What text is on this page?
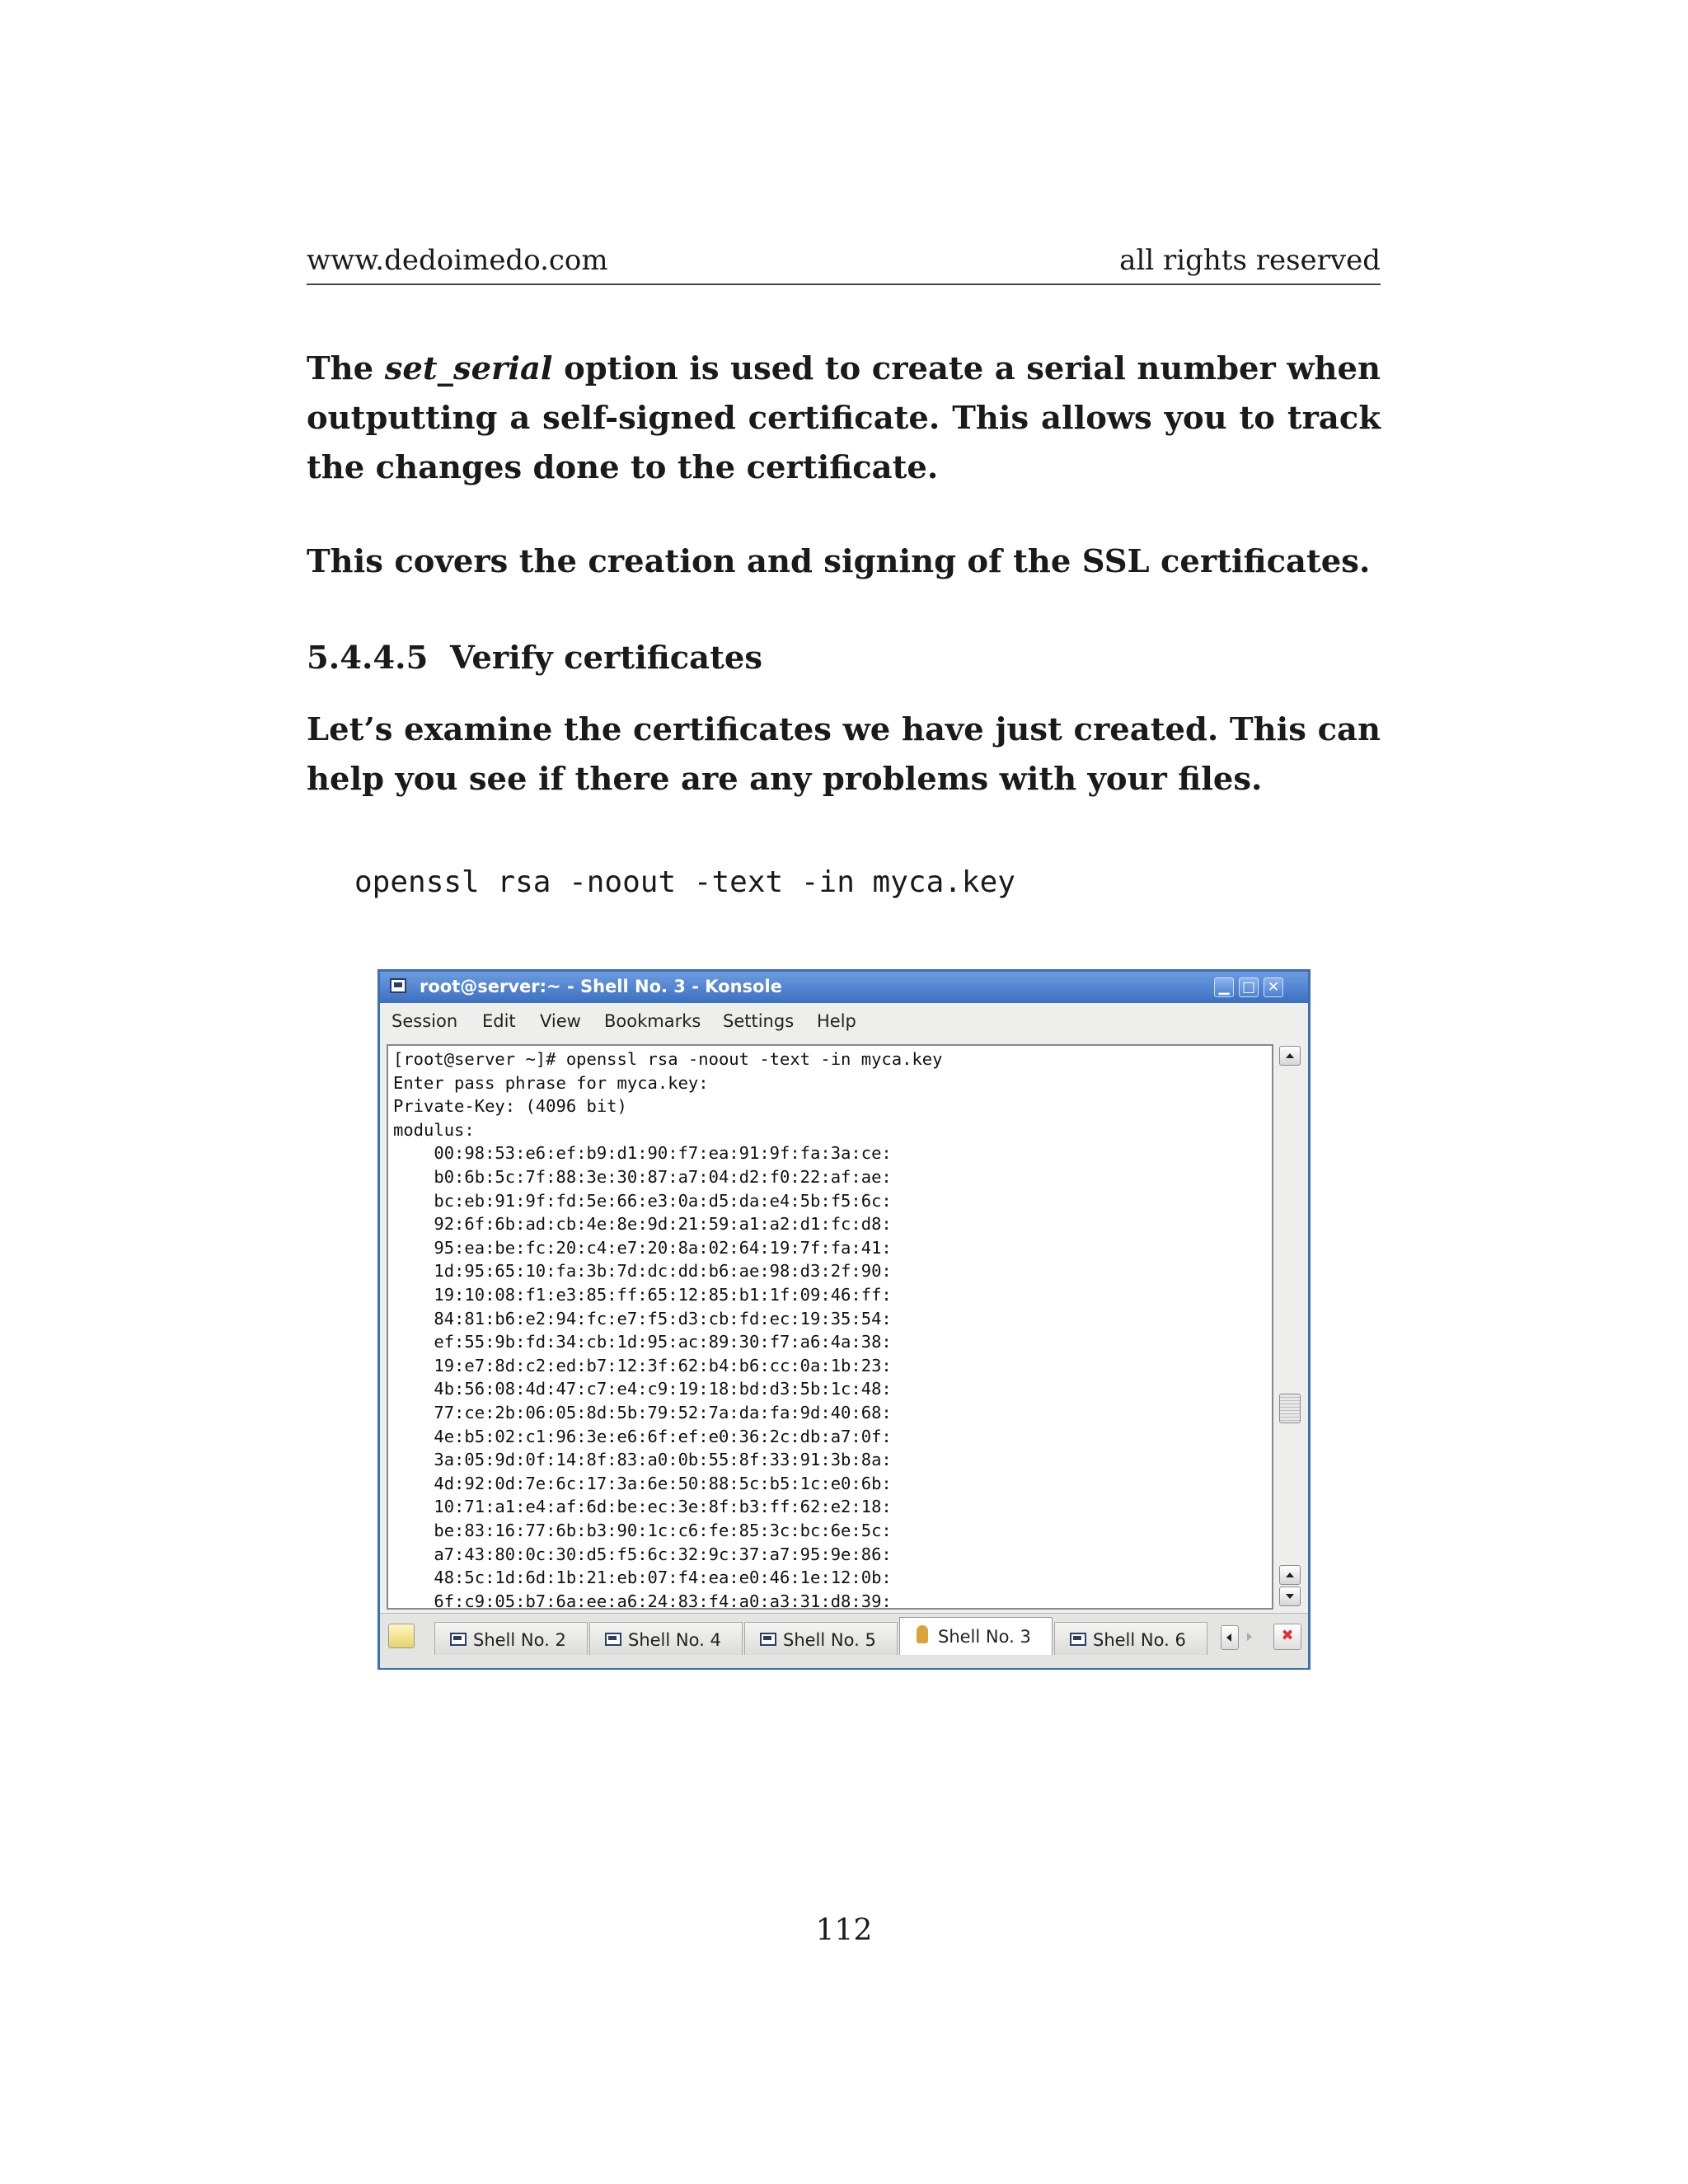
www.dedoimedo.com	all rights reserved
The set_serial option is used to create a serial number when outputting a self-signed certificate. This allows you to track the changes done to the certificate.
This covers the creation and signing of the SSL certificates.
5.4.4.5 Verify certificates
Let’s examine the certificates we have just created. This can help you see if there are any problems with your files.
openssl rsa -noout -text -in myca.key
root@server:~ - Shell No. 3 - Konsole	▁ □ ✕
Session Edit View Bookmarks Settings Help
[root@server ~]# openssl rsa -noout -text -in myca.key
Enter pass phrase for myca.key:
Private-Key: (4096 bit)
modulus:
00:98:53:e6:ef:b9:d1:90:f7:ea:91:9f:fa:3a:ce:
b0:6b:5c:7f:88:3e:30:87:a7:04:d2:f0:22:af:ae:
bc:eb:91:9f:fd:5e:66:e3:0a:d5:da:e4:5b:f5:6c:
92:6f:6b:ad:cb:4e:8e:9d:21:59:a1:a2:d1:fc:d8:
95:ea:be:fc:20:c4:e7:20:8a:02:64:19:7f:fa:41:
1d:95:65:10:fa:3b:7d:dc:dd:b6:ae:98:d3:2f:90:
19:10:08:f1:e3:85:ff:65:12:85:b1:1f:09:46:ff:
84:81:b6:e2:94:fc:e7:f5:d3:cb:fd:ec:19:35:54:
ef:55:9b:fd:34:cb:1d:95:ac:89:30:f7:a6:4a:38:
19:e7:8d:c2:ed:b7:12:3f:62:b4:b6:cc:0a:1b:23:
4b:56:08:4d:47:c7:e4:c9:19:18:bd:d3:5b:1c:48:
77:ce:2b:06:05:8d:5b:79:52:7a:da:fa:9d:40:68:
4e:b5:02:c1:96:3e:e6:6f:ef:e0:36:2c:db:a7:0f:
3a:05:9d:0f:14:8f:83:a0:0b:55:8f:33:91:3b:8a:
4d:92:0d:7e:6c:17:3a:6e:50:88:5c:b5:1c:e0:6b:
10:71:a1:e4:af:6d:be:ec:3e:8f:b3:ff:62:e2:18:
be:83:16:77:6b:b3:90:1c:c6:fe:85:3c:bc:6e:5c:
a7:43:80:0c:30:d5:f5:6c:32:9c:37:a7:95:9e:86:
48:5c:1d:6d:1b:21:eb:07:f4:ea:e0:46:1e:12:0b:
6f:c9:05:b7:6a:ee:a6:24:83:f4:a0:a3:31:d8:39:
Shell No. 2	Shell No. 4	Shell No. 5	Shell No. 3	Shell No. 6	✖
112
